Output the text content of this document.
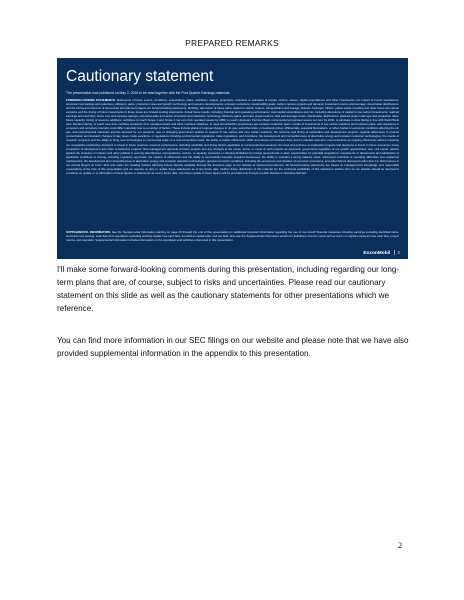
PREPARED REMARKS
Cautionary statement
The presentation was published on May 2, 2025 to be read together with the First Quarter Earnings materials.
FORWARD-LOOKING STATEMENTS. Statements of future events, conditions, expectations, plans, ambitions, targets, projections, forecasts or estimates of results, returns, values, capital expenditures and other investments; the impact of recent acquisitions; structural cost savings and reductions; efficiency gains; production rates and growth; technology and resource developments; emission reductions; sustainability goals; carbon capture projects and demand; investment returns and leverage; shareholder distributions; and the timing and outcome of announced and planned projects are forward-looking statements. Similarly, discussion of future plans related to carbon capture, transportation and storage, biofuels, hydrogen, lithium, plastic waste recycling and other future low carbon solutions and the timing of future investments in those areas are forward-looking statements. Actual future results, including financial and operating performance; total capital expenditures and mix, including allocations of capital to low carbon investments; realized earnings and cash flow; future cost and expense savings; enterprise-wide and sector structural cost reductions; technology efficiency gains; accretive project returns; debt and leverage levels; shareholder distributions; planned project start-ups and production rates; future capacity; timing of resource additions; ambitions to reach Scope 1 and Scope 2 net zero from operated assets by 2050, to reach Upstream Permian Basin unconventional operated assets net zero by 2030, to eliminate routine flaring in line with World Bank Zero Routine Flaring, to reach near-zero methane emissions from operated assets and other methane initiatives, to meet ExxonMobil's greenhouse gas emission reduction plans; results of investments in low carbon solutions and business plans; and reductions in emissions and emissions intensity could differ materially due to a number of factors. These include global or regional changes in oil, gas, petrochemicals, or feedstock prices, differentials, seasonal fluctuations, or other market or economic conditions affecting the oil, gas, and petrochemical industries and the demand for our products; new or changing government policies in support of low carbon and new market solutions; the outcome and timing of exploration and development projects; regional differences in product concentration and demand; changes in law, taxes, trade sanctions, or regulations including environmental regulations, trade regulations, and incentives; the development and competitiveness of alternative energy and emission reduction technologies; the results of research programs and the ability to bring new technologies to commercial scale on a cost-competitive basis; the ability to realize efficiencies within and across our business lines and to maintain near-term cost reductions as ongoing efficiencies without impairing our competitive positioning; decisions to invest in future reserves; reservoir performance, including variability and timing factors applicable to unconventional resources; the level and outcome of exploration projects and decisions to invest in future resources; timely completion of development and other construction projects; final management approval of future projects and any changes in the scope, terms, or costs of such projects as approved; government regulation of our growth opportunities; war, civil unrest, attacks against the company or industry and other political or security disturbances; expropriations, seizure, or capacity, insurance or shipping limitations by foreign governments or laws; opportunities for potential acquisitions, investments or divestments and satisfaction of applicable conditions to closing, including regulatory approvals; the capture of efficiencies and the ability to successfully integrate acquired businesses; the ability to maintain a strong balance sheet; unforeseen technical or operating difficulties and unplanned maintenance; the development and competitiveness of alternative energy and emission reduction technologies; general economic conditions, including the occurrence and duration of economic recessions; and other factors discussed under Item 1A. Risk Factors in our Annual Report on Form 10-K and under the heading Factors Affecting Future Results available through the Investors page of our website at www.exxonmobil.com. All forward-looking statements are based on management's knowledge and reasonable expectations at the time of this presentation and we assume no duty to update these statements as of any future date. Neither future distribution of this material nor the continued availability of this material in archive form on our website should be deemed to constitute an update or re-affirmation of these figures or statements as of any future date. Any future update of these figures will be provided only through a public disclosure indicating that fact.
SUPPLEMENTAL INFORMATION. See the Supplemental Information starting on page 20 through the end of this presentation for additional important information regarding the use of non-GAAP financial measures including earnings excluding identified items, structural cost savings, cash flow from operations excluding working capital, free cash flow, net debt-to-capital ratio, and net debt. Also see the Supplemental Information section for definitions of terms used such as return on capital employed, free cash flow, project returns, and total debt. Supplemental Information includes information on the operations and activities referenced in this presentation.
ExxonMobil 2

I'll make some forward-looking comments during this presentation, including regarding our long-term plans that are, of course, subject to risks and uncertainties. Please read our cautionary statement on this slide as well as the cautionary statements for other presentations which we reference.

You can find more information in our SEC filings on our website and please note that we have also provided supplemental information in the appendix to this presentation.

2
